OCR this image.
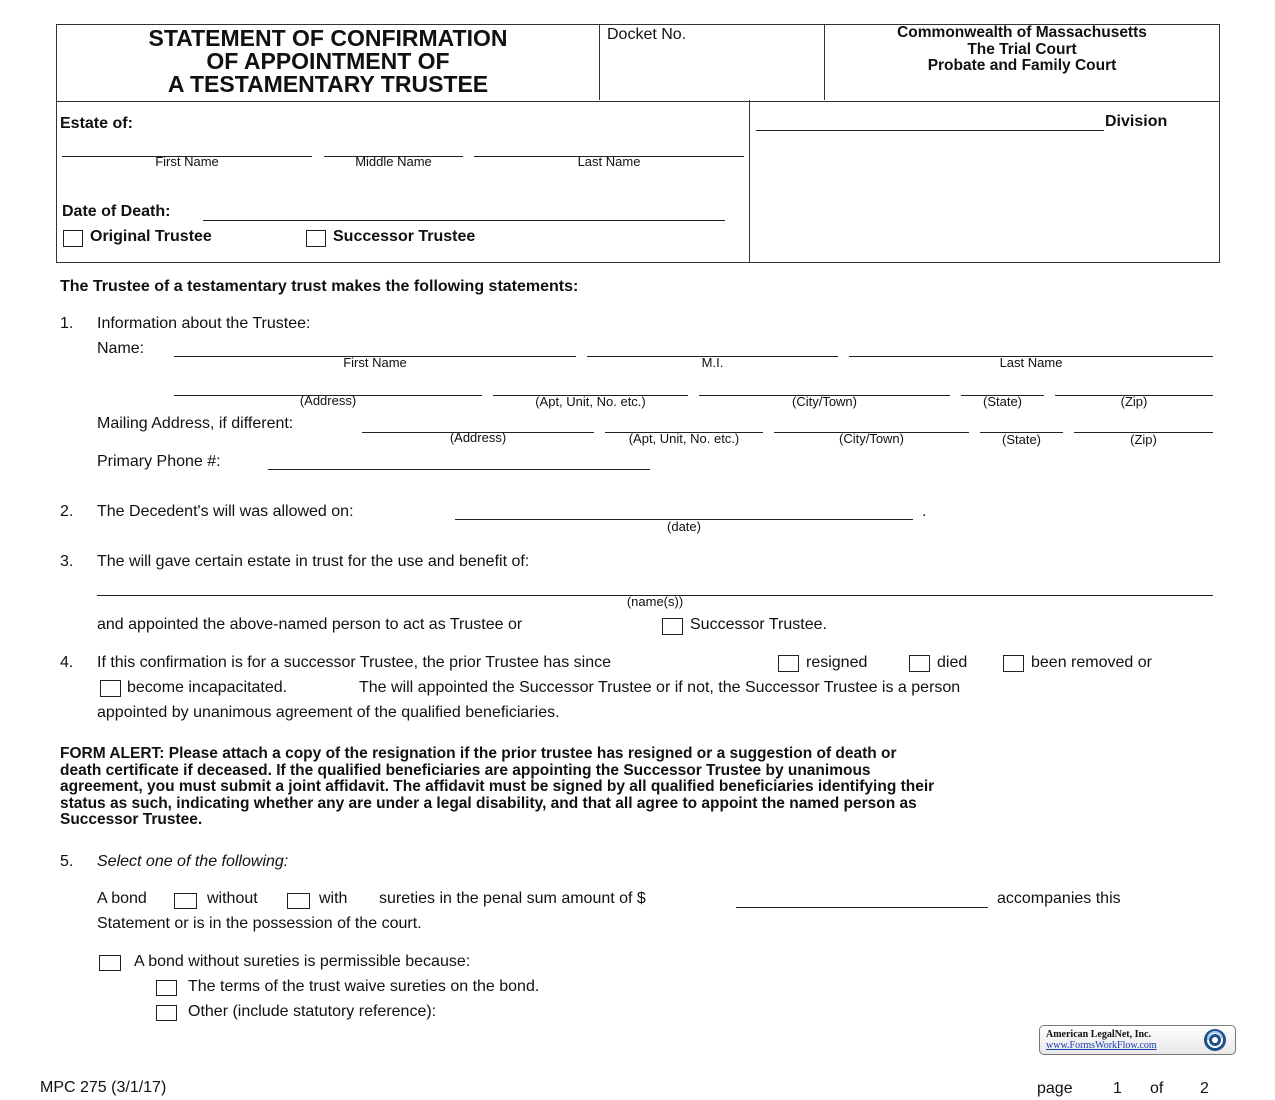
STATEMENT OF CONFIRMATION
OF APPOINTMENT OF
A TESTAMENTARY TRUSTEE
Docket No.	Commonwealth of Massachusetts
The Trial Court
Probate and Family Court
Estate of:
First Name	Middle Name	Last Name
Date of Death:
Original Trustee	Successor Trustee
Division
The Trustee of a testamentary trust makes the following statements:
1. Information about the Trustee:
Name:
First Name	M.I.	Last Name
(Address)	(Apt, Unit, No. etc.)	(City/Town)	(State)	(Zip)
Mailing Address, if different:
(Address)	(Apt, Unit, No. etc.)	(City/Town)	(State)	(Zip)
Primary Phone #:
2. The Decedent's will was allowed on:	.
(date)
3. The will gave certain estate in trust for the use and benefit of:
(name(s))
and appointed the above-named person to act as Trustee or	Successor Trustee.
4. If this confirmation is for a successor Trustee, the prior Trustee has since	resigned	died	been removed or
become incapacitated.	The will appointed the Successor Trustee or if not, the Successor Trustee is a person
appointed by unanimous agreement of the qualified beneficiaries.
FORM ALERT: Please attach a copy of the resignation if the prior trustee has resigned or a suggestion of death or
death certificate if deceased. If the qualified beneficiaries are appointing the Successor Trustee by unanimous
agreement, you must submit a joint affidavit. The affidavit must be signed by all qualified beneficiaries identifying their
status as such, indicating whether any are under a legal disability, and that all agree to appoint the named person as
Successor Trustee.
5. Select one of the following:
A bond	without	with sureties in the penal sum amount of $	accompanies this
Statement or is in the possession of the court.
A bond without sureties is permissible because:
The terms of the trust waive sureties on the bond.
Other (include statutory reference):
American LegalNet, Inc.
www.FormsWorkFlow.com
MPC 275 (3/1/17)	page	1 of 2
